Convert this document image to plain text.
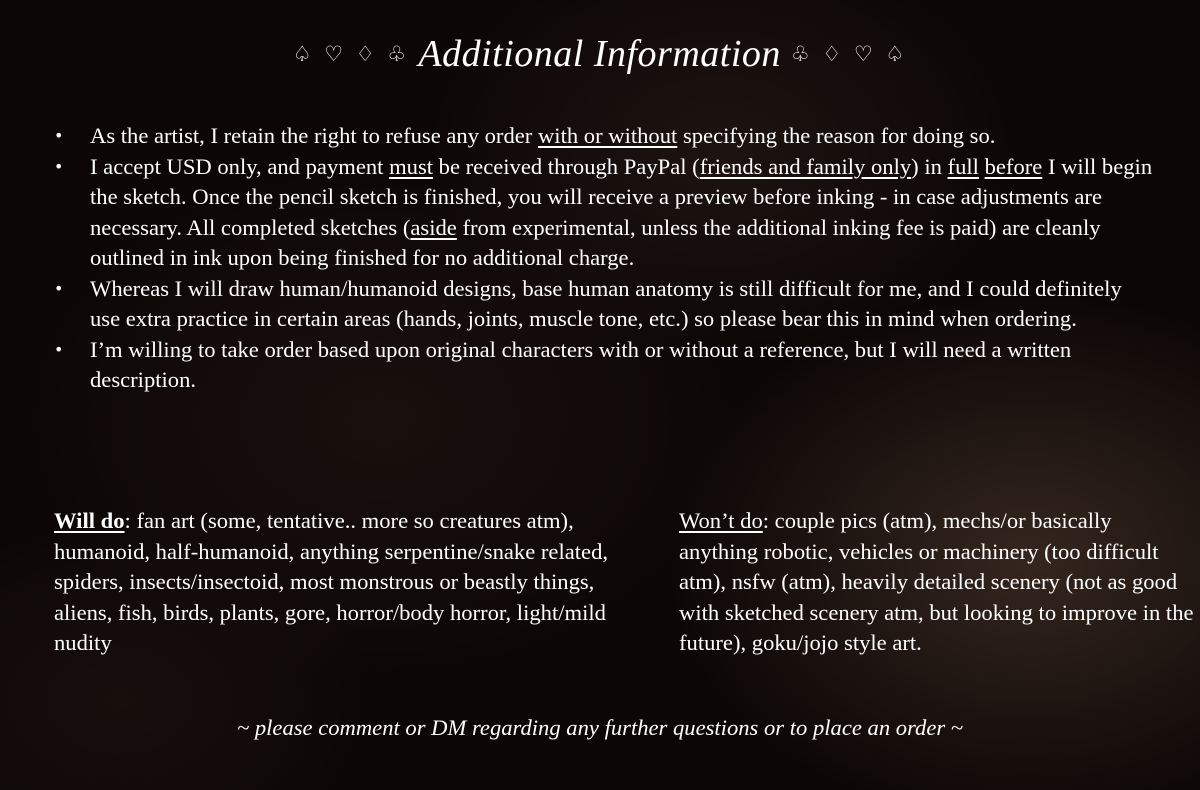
♤ ♡ ♢ ♧ Additional Information ♧ ♢ ♡ ♤
• As the artist, I retain the right to refuse any order with or without specifying the reason for doing so.
• I accept USD only, and payment must be received through PayPal (friends and family only) in full before I will begin the sketch. Once the pencil sketch is finished, you will receive a preview before inking - in case adjustments are necessary. All completed sketches (aside from experimental, unless the additional inking fee is paid) are cleanly outlined in ink upon being finished for no additional charge.
• Whereas I will draw human/humanoid designs, base human anatomy is still difficult for me, and I could definitely use extra practice in certain areas (hands, joints, muscle tone, etc.) so please bear this in mind when ordering.
• I’m willing to take order based upon original characters with or without a reference, but I will need a written description.

Will do: fan art (some, tentative.. more so creatures atm), humanoid, half-humanoid, anything serpentine/snake related, spiders, insects/insectoid, most monstrous or beastly things, aliens, fish, birds, plants, gore, horror/body horror, light/mild nudity

Won’t do: couple pics (atm), mechs/or basically anything robotic, vehicles or machinery (too difficult atm), nsfw (atm), heavily detailed scenery (not as good with sketched scenery atm, but looking to improve in the future), goku/jojo style art.

~ please comment or DM regarding any further questions or to place an order ~
